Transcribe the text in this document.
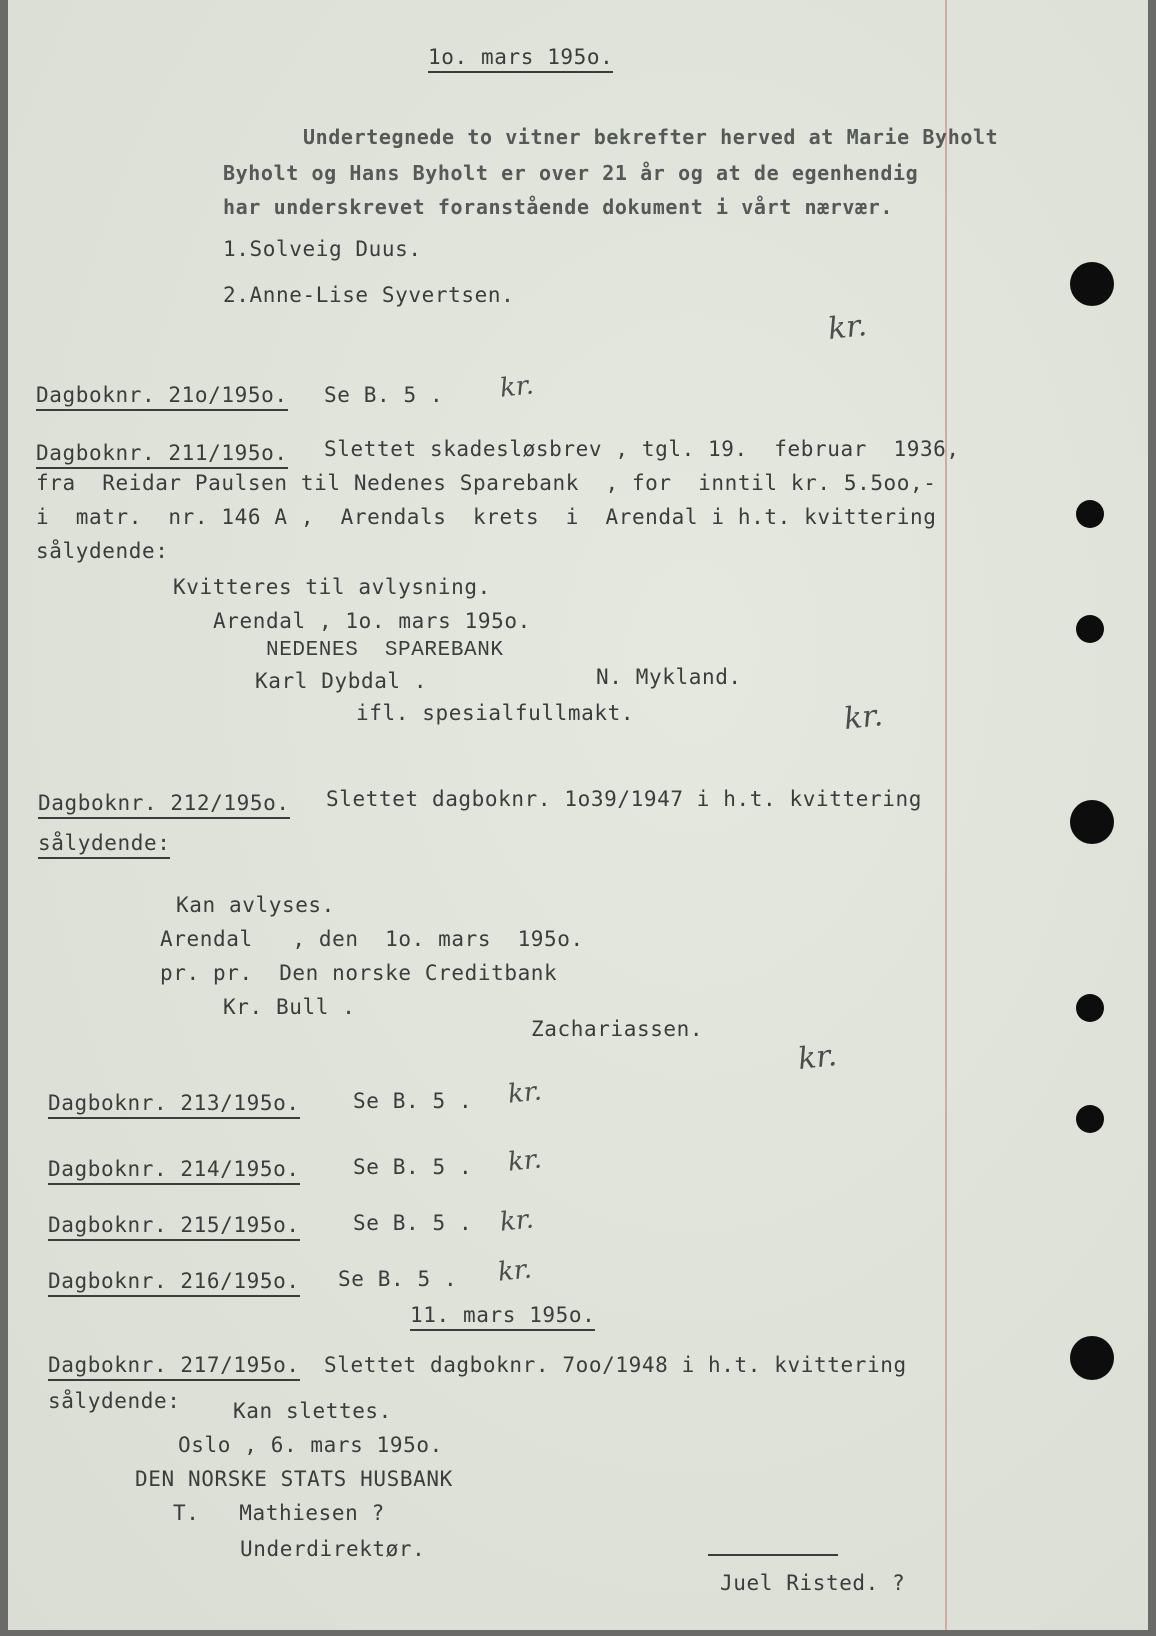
1o. mars 195o.
Undertegnede to vitner bekrefter herved at Marie Byholt
Byholt og Hans Byholt er over 21 år og at de egenhendig
har underskrevet foranstående dokument i vårt nærvær.
1.Solveig Duus.
2.Anne-Lise Syvertsen.
kr.
Dagboknr. 21o/195o. Se B. 5 . kr.
Dagboknr. 211/195o. Slettet skadesløsbrev , tgl. 19.  februar  1936,
fra  Reidar Paulsen til Nedenes Sparebank  , for  inntil kr. 5.5oo,-
i  matr.  nr. 146 A ,  Arendals  krets  i  Arendal i h.t. kvittering
sålydende:
Kvitteres til avlysning.
Arendal , 1o. mars 195o.
NEDENES  SPAREBANK
Karl Dybdal .	N. Mykland.
ifl. spesialfullmakt.	kr.
Dagboknr. 212/195o. Slettet dagboknr. 1o39/1947 i h.t. kvittering
sålydende:
Kan avlyses.
Arendal   , den  1o. mars  195o.
pr. pr.  Den norske Creditbank
Kr. Bull .
Zachariassen.
kr.
Dagboknr. 213/195o.	Se B. 5 . kr.
Dagboknr. 214/195o.	Se B. 5 . kr.
Dagboknr. 215/195o.	Se B. 5 . kr.
Dagboknr. 216/195o. Se B. 5 . kr.
11. mars 195o.
Dagboknr. 217/195o. Slettet dagboknr. 7oo/1948 i h.t. kvittering
sålydende:	Kan slettes.
Oslo , 6. mars 195o.
DEN NORSKE STATS HUSBANK
T.   Mathiesen ?
Underdirektør.
Juel Risted. ?
